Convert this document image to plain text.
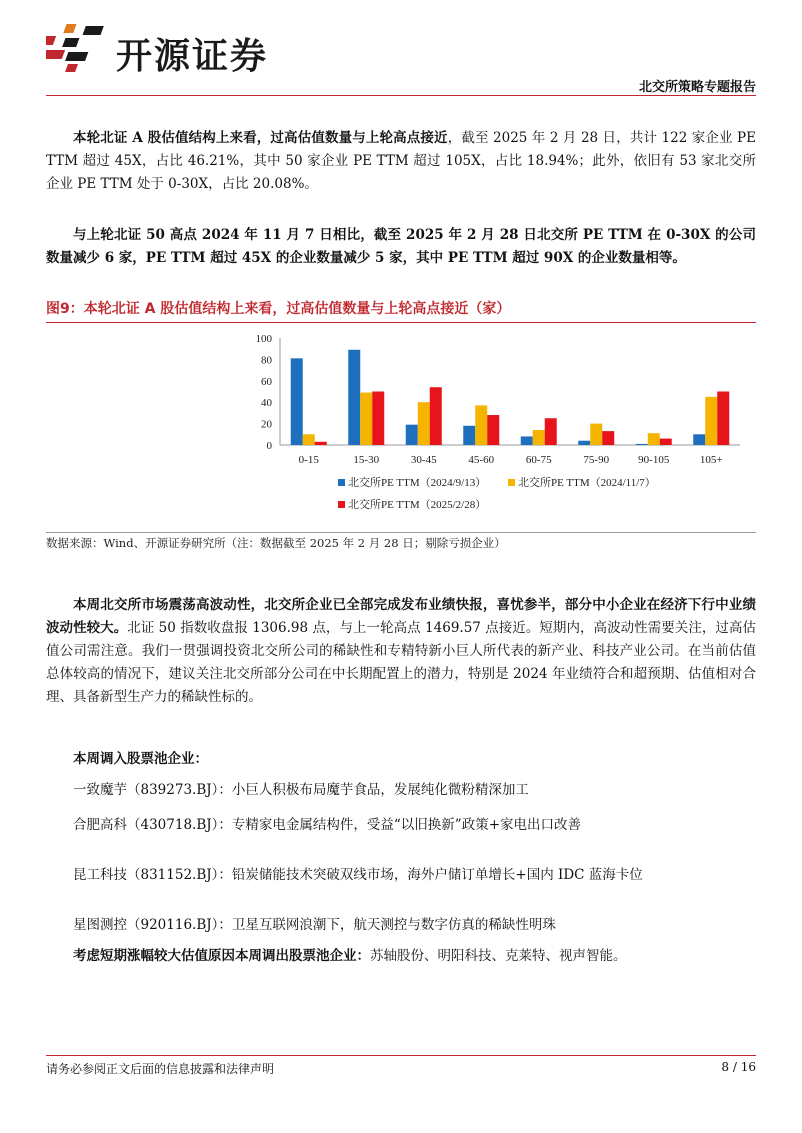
开源证券
北交所策略专题报告

本轮北证 A 股估值结构上来看，过高估值数量与上轮高点接近，截至 2025 年 2 月 28 日，共计 122 家企业 PE TTM 超过 45X，占比 46.21%，其中 50 家企业 PE TTM 超过 105X，占比 18.94%；此外，依旧有 53 家北交所企业 PE TTM 处于 0-30X，占比 20.08%。

与上轮北证 50 高点 2024 年 11 月 7 日相比，截至 2025 年 2 月 28 日北交所 PE TTM 在 0-30X 的公司数量减少 6 家，PE TTM 超过 45X 的企业数量减少 5 家，其中 PE TTM 超过 90X 的企业数量相等。

图9：本轮北证 A 股估值结构上来看，过高估值数量与上轮高点接近（家）
0
20
40
60
80
100
0-15	15-30	30-45	45-60	60-75	75-90	90-105	105+
北交所PE TTM（2024/9/13）	北交所PE TTM（2024/11/7）
北交所PE TTM（2025/2/28）
数据来源：Wind、开源证券研究所（注：数据截至 2025 年 2 月 28 日；剔除亏损企业）

本周北交所市场震荡高波动性，北交所企业已全部完成发布业绩快报，喜忧参半，部分中小企业在经济下行中业绩波动性较大。北证 50 指数收盘报 1306.98 点，与上一轮高点 1469.57 点接近。短期内，高波动性需要关注，过高估值公司需注意。我们一贯强调投资北交所公司的稀缺性和专精特新小巨人所代表的新产业、科技产业公司。在当前估值总体较高的情况下，建议关注北交所部分公司在中长期配置上的潜力，特别是 2024 年业绩符合和超预期、估值相对合理、具备新型生产力的稀缺性标的。

本周调入股票池企业：

一致魔芋（839273.BJ）：小巨人积极布局魔芋食品，发展纯化微粉精深加工

合肥高科（430718.BJ）：专精家电金属结构件，受益“以旧换新”政策+家电出口改善

昆工科技（831152.BJ）：铅炭储能技术突破双线市场，海外户储订单增长+国内 IDC 蓝海卡位

星图测控（920116.BJ）：卫星互联网浪潮下，航天测控与数字仿真的稀缺性明珠

考虑短期涨幅较大估值原因本周调出股票池企业：苏轴股份、明阳科技、克莱特、视声智能。

请务必参阅正文后面的信息披露和法律声明	8 / 16
